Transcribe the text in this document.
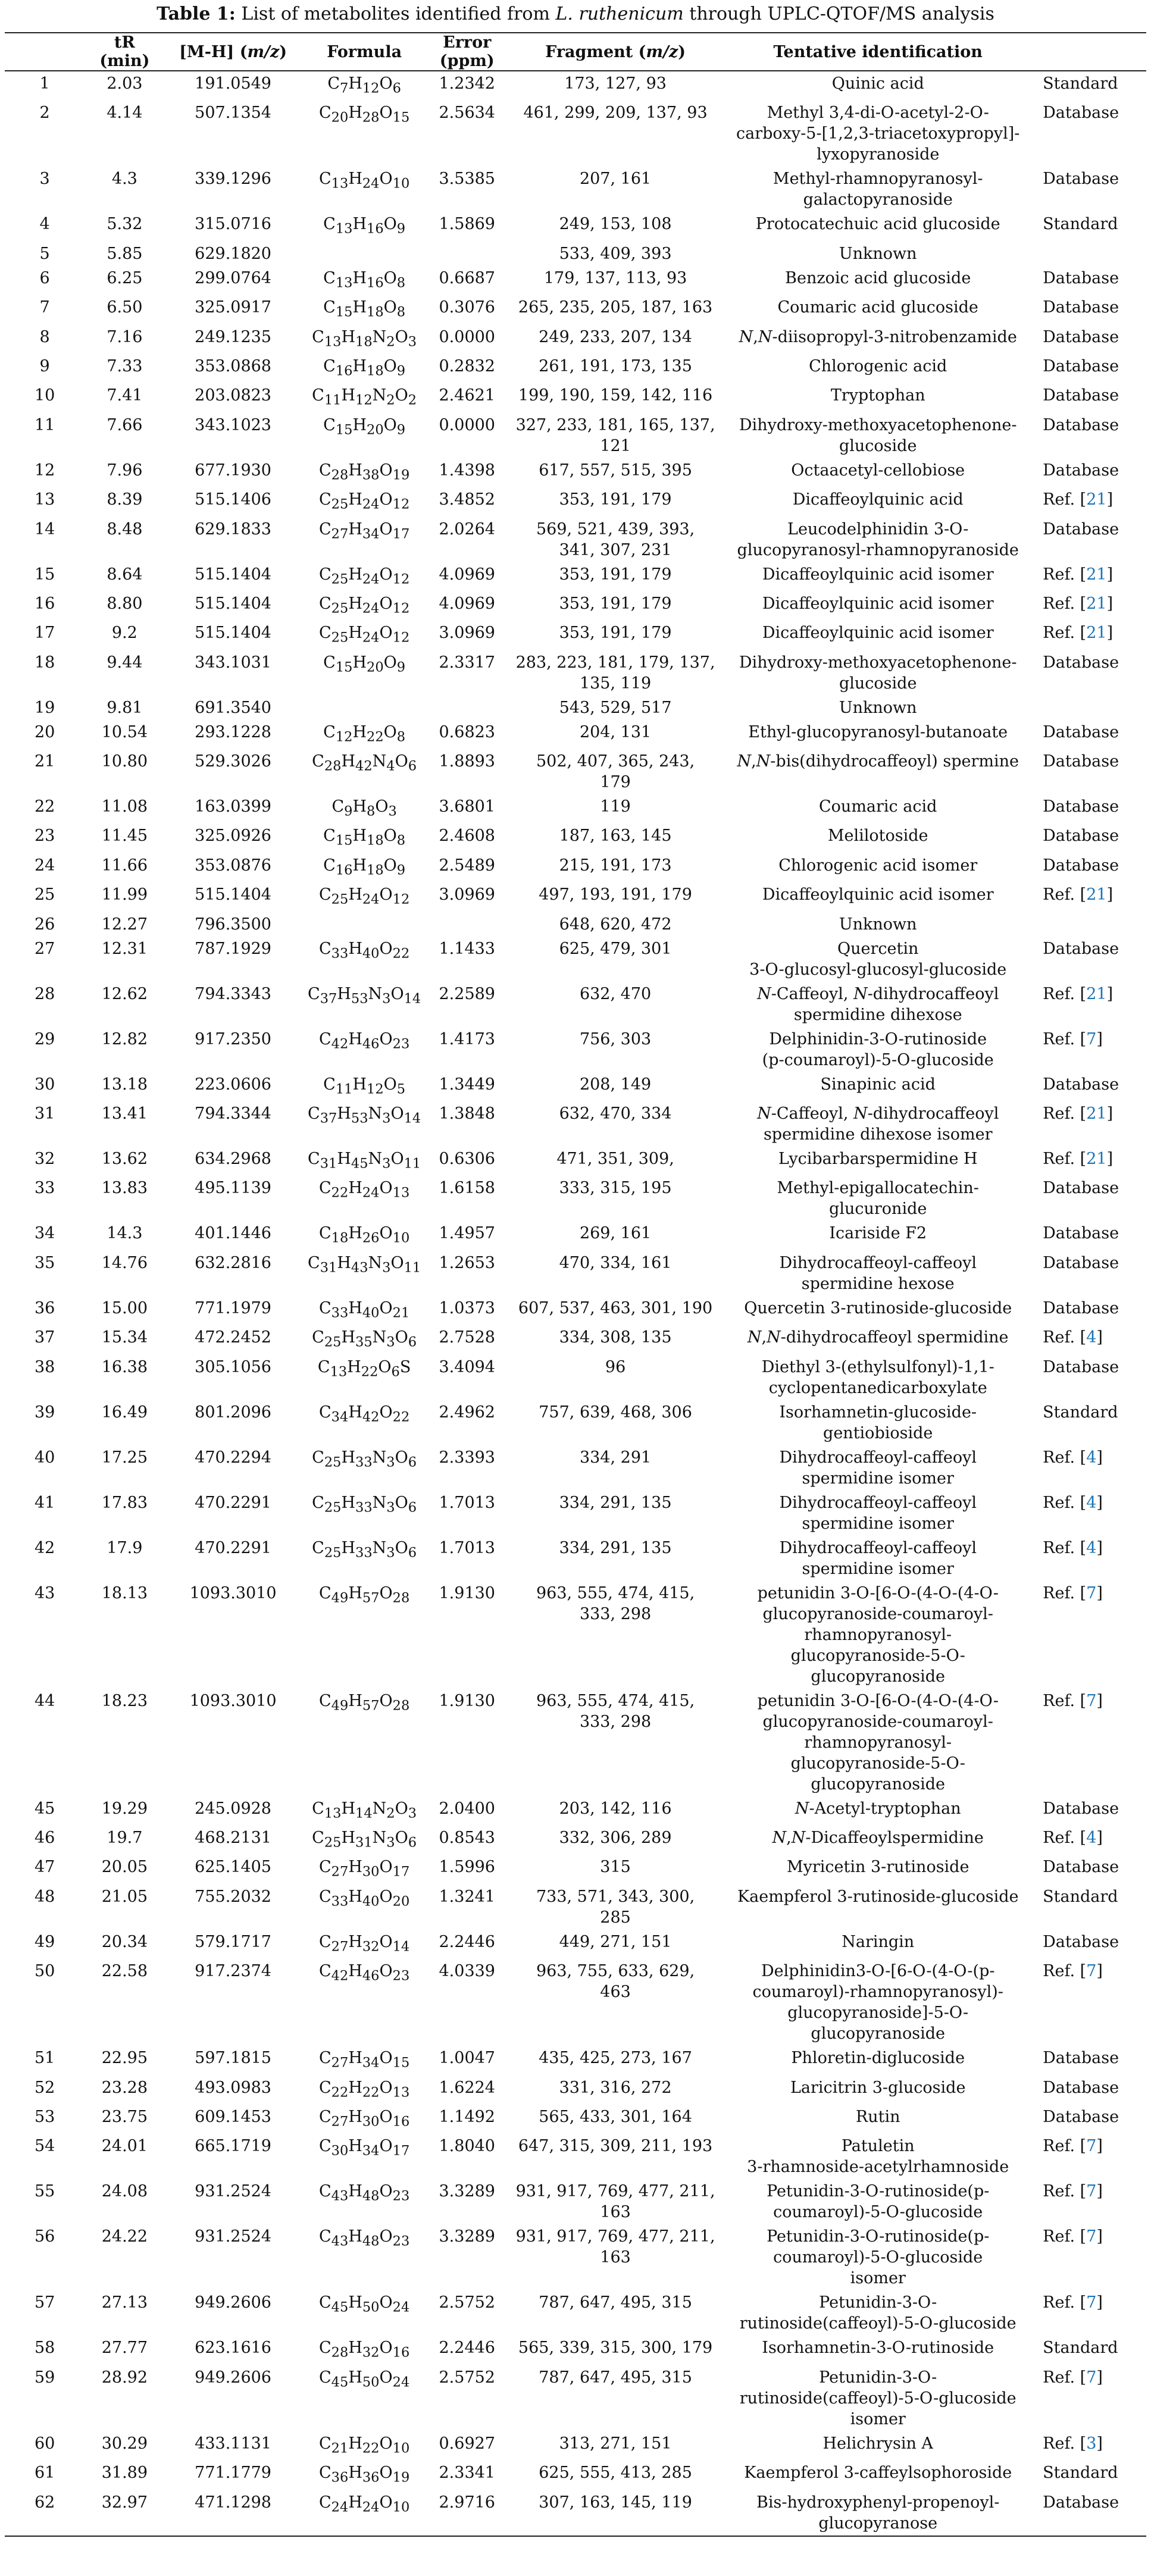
Table 1: List of metabolites identified from L. ruthenicum through UPLC-QTOF/MS analysis
	tR (min)	[M-H] (m/z)	Formula	Error (ppm)	Fragment (m/z)	Tentative identification	
1	2.03	191.0549	$C_7H_{12}O_6$	1.2342	173, 127, 93	Quinic acid	Standard
2	4.14	507.1354	$C_{20}H_{28}O_{15}$	2.5634	461, 299, 209, 137, 93	Methyl 3,4-di-O-acetyl-2-O-
carboxy-5-[1,2,3-triacetoxypropyl]-
lyxopyranoside	Database
3	4.3	339.1296	$C_{13}H_{24}O_{10}$	3.5385	207, 161	Methyl-rhamnopyranosyl-
galactopyranoside	Database
4	5.32	315.0716	$C_{13}H_{16}O_9$	1.5869	249, 153, 108	Protocatechuic acid glucoside	Standard
5	5.85	629.1820			533, 409, 393	Unknown	
6	6.25	299.0764	$C_{13}H_{16}O_8$	0.6687	179, 137, 113, 93	Benzoic acid glucoside	Database
7	6.50	325.0917	$C_{15}H_{18}O_8$	0.3076	265, 235, 205, 187, 163	Coumaric acid glucoside	Database
8	7.16	249.1235	$C_{13}H_{18}N_2O_3$	0.0000	249, 233, 207, 134	N,N-diisopropyl-3-nitrobenzamide	Database
9	7.33	353.0868	$C_{16}H_{18}O_9$	0.2832	261, 191, 173, 135	Chlorogenic acid	Database
10	7.41	203.0823	$C_{11}H_{12}N_2O_2$	2.4621	199, 190, 159, 142, 116	Tryptophan	Database
11	7.66	343.1023	$C_{15}H_{20}O_9$	0.0000	327, 233, 181, 165, 137,
121	Dihydroxy-methoxyacetophenone-
glucoside	Database
12	7.96	677.1930	$C_{28}H_{38}O_{19}$	1.4398	617, 557, 515, 395	Octaacetyl-cellobiose	Database
13	8.39	515.1406	$C_{25}H_{24}O_{12}$	3.4852	353, 191, 179	Dicaffeoylquinic acid	Ref. [21]
14	8.48	629.1833	$C_{27}H_{34}O_{17}$	2.0264	569, 521, 439, 393,
341, 307, 231	Leucodelphinidin 3-O-
glucopyranosyl-rhamnopyranoside	Database
15	8.64	515.1404	$C_{25}H_{24}O_{12}$	4.0969	353, 191, 179	Dicaffeoylquinic acid isomer	Ref. [21]
16	8.80	515.1404	$C_{25}H_{24}O_{12}$	4.0969	353, 191, 179	Dicaffeoylquinic acid isomer	Ref. [21]
17	9.2	515.1404	$C_{25}H_{24}O_{12}$	3.0969	353, 191, 179	Dicaffeoylquinic acid isomer	Ref. [21]
18	9.44	343.1031	$C_{15}H_{20}O_9$	2.3317	283, 223, 181, 179, 137,
135, 119	Dihydroxy-methoxyacetophenone-
glucoside	Database
19	9.81	691.3540			543, 529, 517	Unknown	
20	10.54	293.1228	$C_{12}H_{22}O_8$	0.6823	204, 131	Ethyl-glucopyranosyl-butanoate	Database
21	10.80	529.3026	$C_{28}H_{42}N_4O_6$	1.8893	502, 407, 365, 243,
179	N,N-bis(dihydrocaffeoyl) spermine	Database
22	11.08	163.0399	$C_9H_8O_3$	3.6801	119	Coumaric acid	Database
23	11.45	325.0926	$C_{15}H_{18}O_8$	2.4608	187, 163, 145	Melilotoside	Database
24	11.66	353.0876	$C_{16}H_{18}O_9$	2.5489	215, 191, 173	Chlorogenic acid isomer	Database
25	11.99	515.1404	$C_{25}H_{24}O_{12}$	3.0969	497, 193, 191, 179	Dicaffeoylquinic acid isomer	Ref. [21]
26	12.27	796.3500			648, 620, 472	Unknown	
27	12.31	787.1929	$C_{33}H_{40}O_{22}$	1.1433	625, 479, 301	Quercetin
3-O-glucosyl-glucosyl-glucoside	Database
28	12.62	794.3343	$C_{37}H_{53}N_3O_{14}$	2.2589	632, 470	N-Caffeoyl, N-dihydrocaffeoyl
spermidine dihexose	Ref. [21]
29	12.82	917.2350	$C_{42}H_{46}O_{23}$	1.4173	756, 303	Delphinidin-3-O-rutinoside
(p-coumaroyl)-5-O-glucoside	Ref. [7]
30	13.18	223.0606	$C_{11}H_{12}O_5$	1.3449	208, 149	Sinapinic acid	Database
31	13.41	794.3344	$C_{37}H_{53}N_3O_{14}$	1.3848	632, 470, 334	N-Caffeoyl, N-dihydrocaffeoyl
spermidine dihexose isomer	Ref. [21]
32	13.62	634.2968	$C_{31}H_{45}N_3O_{11}$	0.6306	471, 351, 309,	Lycibarbarspermidine H	Ref. [21]
33	13.83	495.1139	$C_{22}H_{24}O_{13}$	1.6158	333, 315, 195	Methyl-epigallocatechin-
glucuronide	Database
34	14.3	401.1446	$C_{18}H_{26}O_{10}$	1.4957	269, 161	Icariside F2	Database
35	14.76	632.2816	$C_{31}H_{43}N_3O_{11}$	1.2653	470, 334, 161	Dihydrocaffeoyl-caffeoyl
spermidine hexose	Database
36	15.00	771.1979	$C_{33}H_{40}O_{21}$	1.0373	607, 537, 463, 301, 190	Quercetin 3-rutinoside-glucoside	Database
37	15.34	472.2452	$C_{25}H_{35}N_3O_6$	2.7528	334, 308, 135	N,N-dihydrocaffeoyl spermidine	Ref. [4]
38	16.38	305.1056	$C_{13}H_{22}O_6S$	3.4094	96	Diethyl 3-(ethylsulfonyl)-1,1-
cyclopentanedicarboxylate	Database
39	16.49	801.2096	$C_{34}H_{42}O_{22}$	2.4962	757, 639, 468, 306	Isorhamnetin-glucoside-
gentiobioside	Standard
40	17.25	470.2294	$C_{25}H_{33}N_3O_6$	2.3393	334, 291	Dihydrocaffeoyl-caffeoyl
spermidine isomer	Ref. [4]
41	17.83	470.2291	$C_{25}H_{33}N_3O_6$	1.7013	334, 291, 135	Dihydrocaffeoyl-caffeoyl
spermidine isomer	Ref. [4]
42	17.9	470.2291	$C_{25}H_{33}N_3O_6$	1.7013	334, 291, 135	Dihydrocaffeoyl-caffeoyl
spermidine isomer	Ref. [4]
43	18.13	1093.3010	$C_{49}H_{57}O_{28}$	1.9130	963, 555, 474, 415,
333, 298	petunidin 3-O-[6-O-(4-O-(4-O-
glucopyranoside-coumaroyl-
rhamnopyranosyl-
glucopyranoside-5-O-
glucopyranoside	Ref. [7]
44	18.23	1093.3010	$C_{49}H_{57}O_{28}$	1.9130	963, 555, 474, 415,
333, 298	petunidin 3-O-[6-O-(4-O-(4-O-
glucopyranoside-coumaroyl-
rhamnopyranosyl-
glucopyranoside-5-O-
glucopyranoside	Ref. [7]
45	19.29	245.0928	$C_{13}H_{14}N_2O_3$	2.0400	203, 142, 116	N-Acetyl-tryptophan	Database
46	19.7	468.2131	$C_{25}H_{31}N_3O_6$	0.8543	332, 306, 289	N,N-Dicaffeoylspermidine	Ref. [4]
47	20.05	625.1405	$C_{27}H_{30}O_{17}$	1.5996	315	Myricetin 3-rutinoside	Database
48	21.05	755.2032	$C_{33}H_{40}O_{20}$	1.3241	733, 571, 343, 300,
285	Kaempferol 3-rutinoside-glucoside	Standard
49	20.34	579.1717	$C_{27}H_{32}O_{14}$	2.2446	449, 271, 151	Naringin	Database
50	22.58	917.2374	$C_{42}H_{46}O_{23}$	4.0339	963, 755, 633, 629,
463	Delphinidin3-O-[6-O-(4-O-(p-
coumaroyl)-rhamnopyranosyl)-
glucopyranoside]-5-O-
glucopyranoside	Ref. [7]
51	22.95	597.1815	$C_{27}H_{34}O_{15}$	1.0047	435, 425, 273, 167	Phloretin-diglucoside	Database
52	23.28	493.0983	$C_{22}H_{22}O_{13}$	1.6224	331, 316, 272	Laricitrin 3-glucoside	Database
53	23.75	609.1453	$C_{27}H_{30}O_{16}$	1.1492	565, 433, 301, 164	Rutin	Database
54	24.01	665.1719	$C_{30}H_{34}O_{17}$	1.8040	647, 315, 309, 211, 193	Patuletin
3-rhamnoside-acetylrhamnoside	Ref. [7]
55	24.08	931.2524	$C_{43}H_{48}O_{23}$	3.3289	931, 917, 769, 477, 211,
163	Petunidin-3-O-rutinoside(p-
coumaroyl)-5-O-glucoside	Ref. [7]
56	24.22	931.2524	$C_{43}H_{48}O_{23}$	3.3289	931, 917, 769, 477, 211,
163	Petunidin-3-O-rutinoside(p-
coumaroyl)-5-O-glucoside
isomer	Ref. [7]
57	27.13	949.2606	$C_{45}H_{50}O_{24}$	2.5752	787, 647, 495, 315	Petunidin-3-O-
rutinoside(caffeoyl)-5-O-glucoside	Ref. [7]
58	27.77	623.1616	$C_{28}H_{32}O_{16}$	2.2446	565, 339, 315, 300, 179	Isorhamnetin-3-O-rutinoside	Standard
59	28.92	949.2606	$C_{45}H_{50}O_{24}$	2.5752	787, 647, 495, 315	Petunidin-3-O-
rutinoside(caffeoyl)-5-O-glucoside
isomer	Ref. [7]
60	30.29	433.1131	$C_{21}H_{22}O_{10}$	0.6927	313, 271, 151	Helichrysin A	Ref. [3]
61	31.89	771.1779	$C_{36}H_{36}O_{19}$	2.3341	625, 555, 413, 285	Kaempferol 3-caffeylsophoroside	Standard
62	32.97	471.1298	$C_{24}H_{24}O_{10}$	2.9716	307, 163, 145, 119	Bis-hydroxyphenyl-propenoyl-
glucopyranose	Database
